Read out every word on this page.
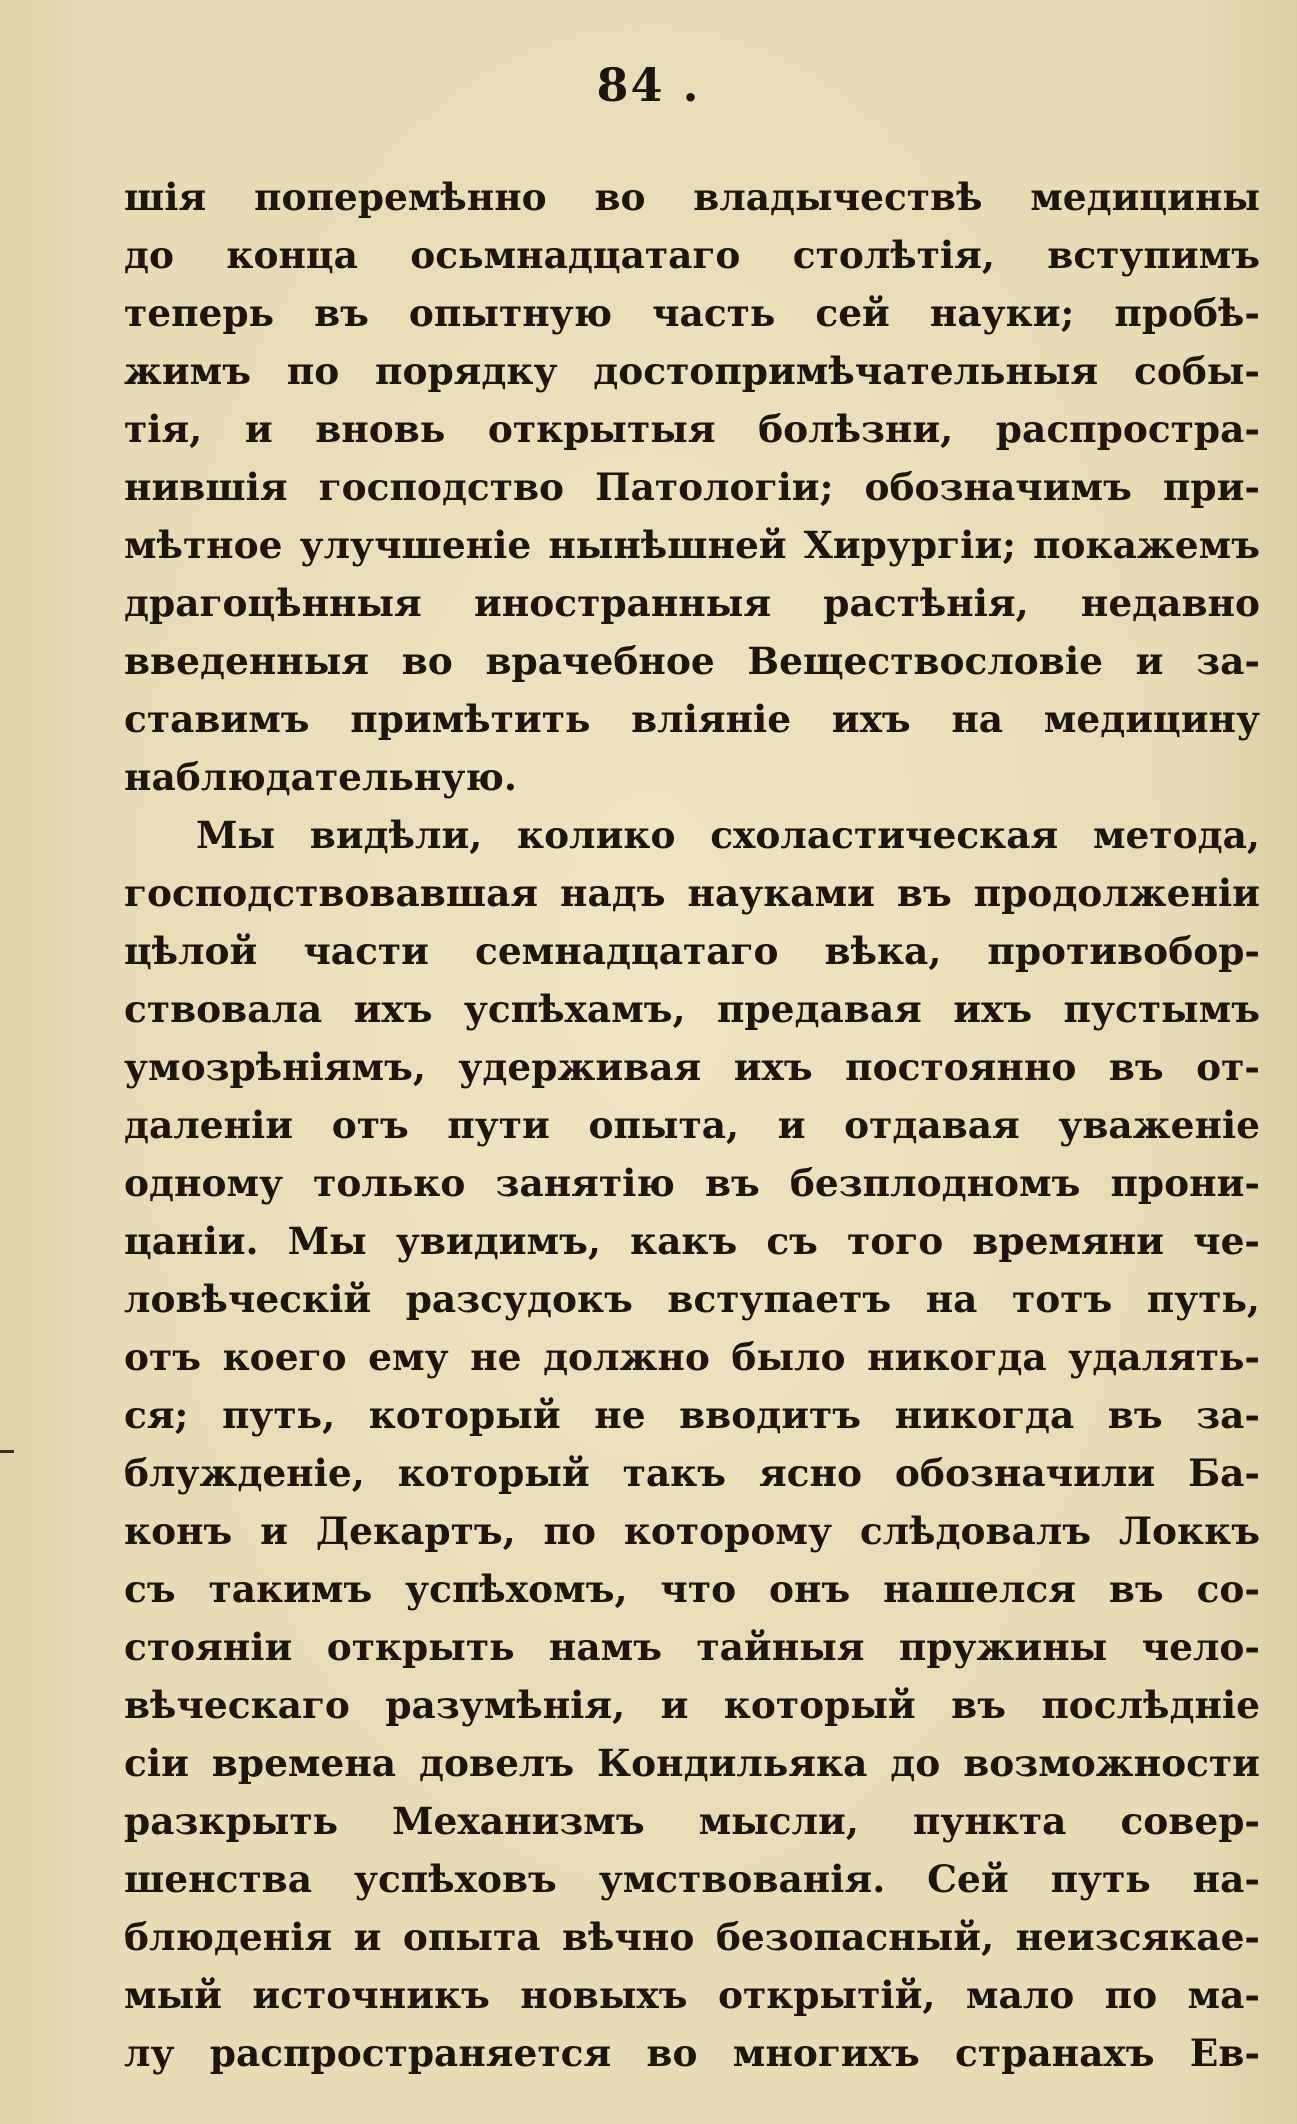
84 .
шія поперемѣнно во владычествѣ медицины
до конца осьмнадцатаго столѣтія, вступимъ
теперь въ опытную часть сей науки; пробѣ-
жимъ по порядку достопримѣчательныя собы-
тія, и вновь открытыя болѣзни, распростра-
нившія господство Патологіи; обозначимъ при-
мѣтное улучшеніе нынѣшней Хирургіи; покажемъ
драгоцѣнныя иностранныя растѣнія, недавно
введенныя во врачебное Веществословіе и за-
ставимъ примѣтить вліяніе ихъ на медицину
наблюдательную.
Мы видѣли, колико схоластическая метода,
господствовавшая надъ науками въ продолженіи
цѣлой части семнадцатаго вѣка, противобор-
ствовала ихъ успѣхамъ, предавая ихъ пустымъ
умозрѣніямъ, удерживая ихъ постоянно въ от-
даленіи отъ пути опыта, и отдавая уваженіе
одному только занятію въ безплодномъ прони-
цаніи. Мы увидимъ, какъ съ того времяни че-
ловѣческій разсудокъ вступаетъ на тотъ путь,
отъ коего ему не должно было никогда удалять-
ся; путь, который не вводитъ никогда въ за-
блужденіе, который такъ ясно обозначили Ба-
конъ и Декартъ, по которому слѣдовалъ Локкъ
съ такимъ успѣхомъ, что онъ нашелся въ со-
стояніи открыть намъ тайныя пружины чело-
вѣческаго разумѣнія, и который въ послѣдніе
сіи времена довелъ Кондильяка до возможности
разкрыть Механизмъ мысли, пункта совер-
шенства успѣховъ умствованія. Сей путь на-
блюденія и опыта вѣчно безопасный, неизсякае-
мый источникъ новыхъ открытій, мало по ма-
лу распространяется во многихъ странахъ Ев-
